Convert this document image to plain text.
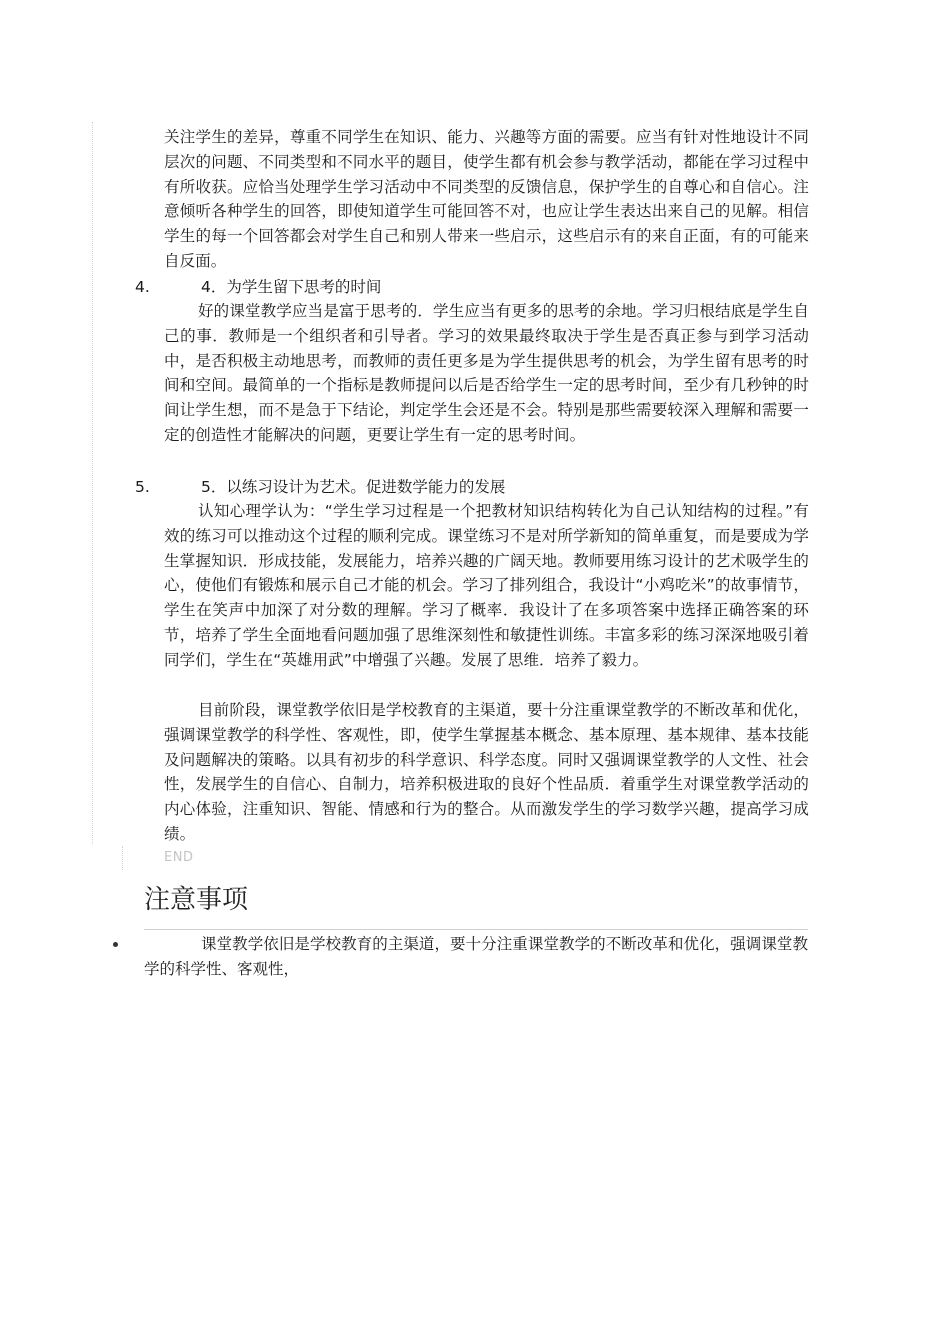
关注学生的差异，尊重不同学生在知识、能力、兴趣等方面的需要。应当有针对性地设计不同层次的问题、不同类型和不同水平的题目，使学生都有机会参与教学活动，都能在学习过程中有所收获。应恰当处理学生学习活动中不同类型的反馈信息，保护学生的自尊心和自信心。注意倾听各种学生的回答，即使知道学生可能回答不对，也应让学生表达出来自己的见解。相信学生的每一个回答都会对学生自己和别人带来一些启示，这些启示有的来自正面，有的可能来自反面。

4.	4．为学生留下思考的时间

好的课堂教学应当是富于思考的．学生应当有更多的思考的余地。学习归根结底是学生自己的事．教师是一个组织者和引导者。学习的效果最终取决于学生是否真正参与到学习活动中，是否积极主动地思考，而教师的责任更多是为学生提供思考的机会，为学生留有思考的时间和空间。最简单的一个指标是教师提问以后是否给学生一定的思考时间，至少有几秒钟的时间让学生想，而不是急于下结论，判定学生会还是不会。特别是那些需要较深入理解和需要一定的创造性才能解决的问题，更要让学生有一定的思考时间。

5.	5．以练习设计为艺术。促进数学能力的发展

认知心理学认为：“学生学习过程是一个把教材知识结构转化为自己认知结构的过程。”有效的练习可以推动这个过程的顺利完成。课堂练习不是对所学新知的简单重复，而是要成为学生掌握知识．形成技能，发展能力，培养兴趣的广阔天地。教师要用练习设计的艺术吸学生的心，使他们有锻炼和展示自己才能的机会。学习了排列组合，我设计“小鸡吃米”的故事情节，学生在笑声中加深了对分数的理解。学习了概率．我设计了在多项答案中选择正确答案的环节，培养了学生全面地看问题加强了思维深刻性和敏捷性训练。丰富多彩的练习深深地吸引着同学们，学生在“英雄用武”中增强了兴趣。发展了思维．培养了毅力。

目前阶段，课堂教学依旧是学校教育的主渠道，要十分注重课堂教学的不断改革和优化，强调课堂教学的科学性、客观性，即，使学生掌握基本概念、基本原理、基本规律、基本技能及问题解决的策略。以具有初步的科学意识、科学态度。同时又强调课堂教学的人文性、社会性，发展学生的自信心、自制力，培养积极进取的良好个性品质．着重学生对课堂教学活动的内心体验，注重知识、智能、情感和行为的整合。从而激发学生的学习数学兴趣，提高学习成绩。

END
注意事项

课堂教学依旧是学校教育的主渠道，要十分注重课堂教学的不断改革和优化，强调课堂教学的科学性、客观性，
